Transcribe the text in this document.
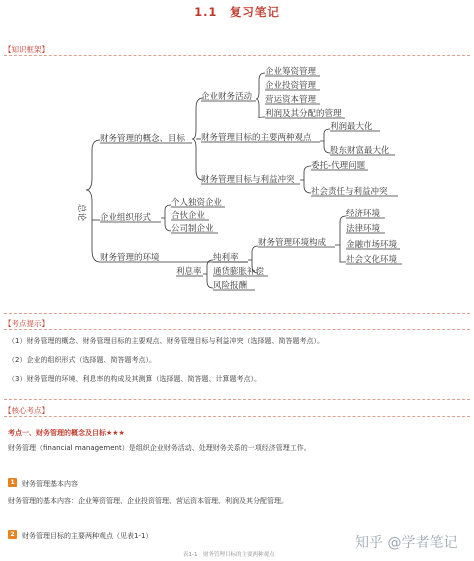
1.1　复习笔记
【知识框架】
总论
财务管理的概念、目标
企业财务活动
企业筹资管理
企业投资管理
营运资本管理
利润及其分配的管理
财务管理目标的主要两种观点
利润最大化
股东财富最大化
财务管理目标与利益冲突
委托-代理问题
社会责任与利益冲突
企业组织形式
个人独资企业
合伙企业
公司制企业
财务管理的环境
财务管理环境构成
经济环境
法律环境
金融市场环境
社会文化环境
利息率
纯利率
通货膨胀补偿
风险报酬
【考点提示】
（1）财务管理的概念、财务管理目标的主要观点、财务管理目标与利益冲突（选择题、简答题考点）。
（2）企业的组织形式（选择题、简答题考点）。
（3）财务管理的环境、利息率的构成及其测算（选择题、简答题、计算题考点）。
【核心考点】
考点一、财务管理的概念及目标★★★
财务管理（financial management）是组织企业财务活动、处理财务关系的一项经济管理工作。
1	财务管理基本内容
财务管理的基本内容：企业筹资管理、企业投资管理、营运资本管理、利润及其分配管理。
2	财务管理目标的主要两种观点（见表1-1）
表1-1　财务管理目标的主要两种观点
知乎 @学者笔记
